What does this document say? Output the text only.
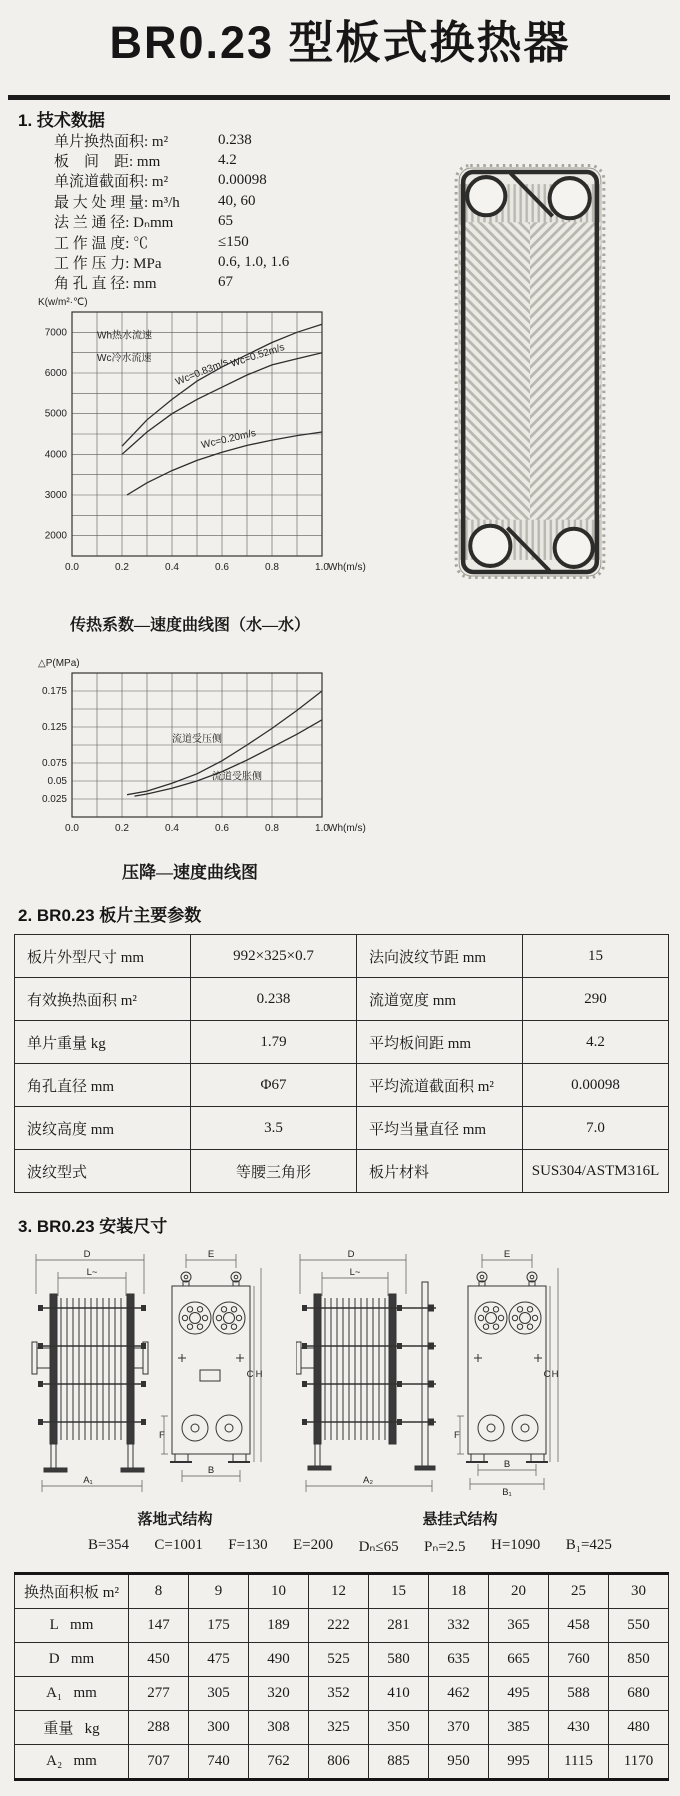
BR0.23 型板式换热器
1. 技术数据
单片换热面积: m²	0.238
板　间　距: mm	4.2
单流道截面积: m²	0.00098
最 大 处 理 量: m³/h	40, 60
法 兰 通 径: Dₙmm	65
工 作 温 度: ℃	≤150
工 作 压 力: MPa	0.6, 1.0, 1.6
角 孔 直 径: mm	67
2000
3000
4000
5000
6000
7000
0.0	0.2	0.4	0.6	0.8	1.0 Wh(m/s)
K(w/m²·℃)
Wh热水流速
Wc冷水流速 Wc=0.83m/s
Wc=0.52m/s
Wc=0.20m/s
传热系数—速度曲线图（水—水）
0.025
0.05
0.075
0.125
0.175
0.0	0.2	0.4	0.6	0.8	1.0 Wh(m/s)
△P(MPa)
流道受压侧
流道受胀侧
压降—速度曲线图
2. BR0.23 板片主要参数
板片外型尺寸 mm	992×325×0.7	法向波纹节距 mm	15
有效换热面积 m²	0.238	流道宽度 mm	290
单片重量 kg	1.79	平均板间距 mm	4.2
角孔直径 mm	Φ67	平均流道截面积 m²	0.00098
波纹高度 mm	3.5	平均当量直径 mm	7.0
波纹型式	等腰三角形	板片材料	SUS304/ASTM316L
3. BR0.23 安装尺寸
D
L~
A₁
E
F
B
C H
D
L~
A₂
E
F
B
B₁
C H
落地式结构	悬挂式结构
B=354 C=1001 F=130 E=200 Dₙ≤65 Pₙ=2.5 H=1090 B₁=425
换热面积板 m²	8	9	10	12	15	18	20	25	30
L   mm	147	175	189	222	281	332	365	458	550
D   mm	450	475	490	525	580	635	665	760	850
A₁   mm	277	305	320	352	410	462	495	588	680
重量   kg	288	300	308	325	350	370	385	430	480
A₂   mm	707	740	762	806	885	950	995	1115	1170
